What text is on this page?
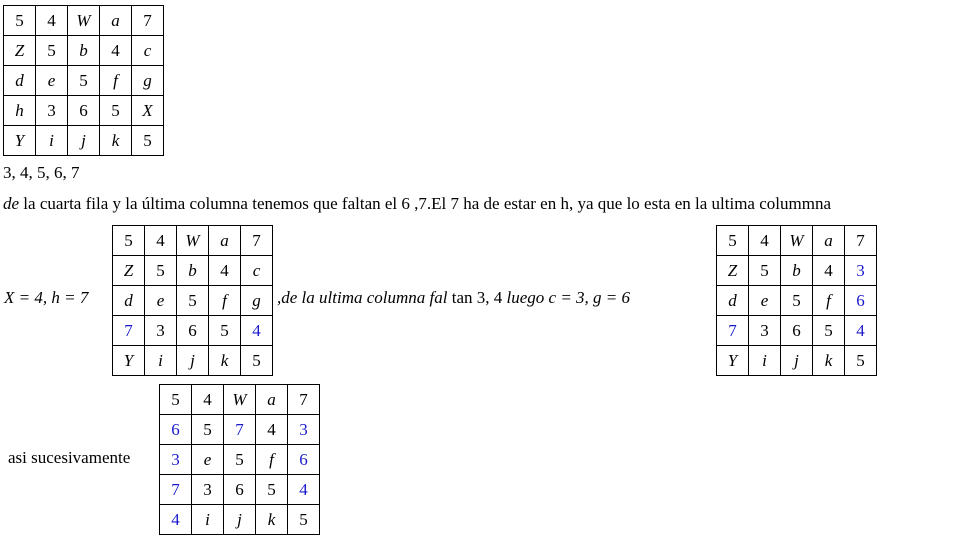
5	4	W	a	7
Z	5	b	4	c
d	e	5	f	g
h	3	6	5	X
Y	i	j	k	5
3, 4, 5, 6, 7
de la cuarta fila y la última columna tenemos que faltan el 6 ,7.El 7 ha de estar en h, ya que lo esta en la ultima colummna
X = 4, h = 7
5	4	W	a	7
Z	5	b	4	c
d	e	5	f	g
7	3	6	5	4
Y	i	j	k	5
,de la ultima columna fal tan 3, 4 luego c = 3, g = 6
5	4	W	a	7
Z	5	b	4	3
d	e	5	f	6
7	3	6	5	4
Y	i	j	k	5
asi sucesivamente
5	4	W	a	7
6	5	7	4	3
3	e	5	f	6
7	3	6	5	4
4	i	j	k	5
